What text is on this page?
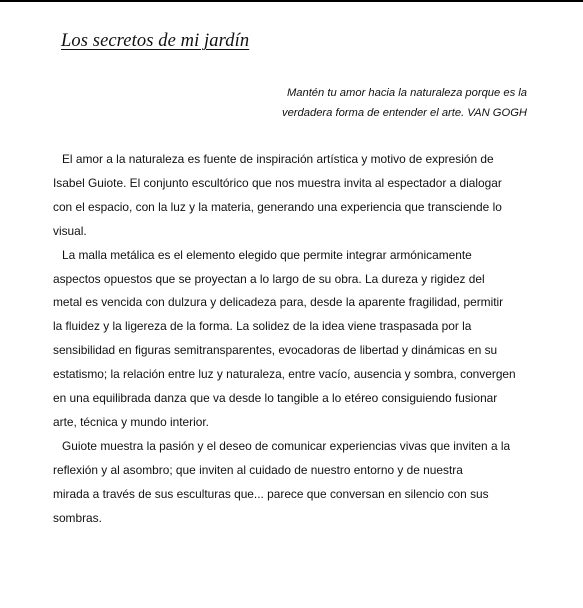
Los secretos de mi jardín
Mantén tu amor hacia la naturaleza porque es la
verdadera forma de entender el arte. VAN GOGH
El amor a la naturaleza es fuente de inspiración artística y motivo de expresión de
Isabel Guiote. El conjunto escultórico que nos muestra invita al espectador a dialogar
con el espacio, con la luz y la materia, generando una experiencia que transciende lo
visual.
La malla metálica es el elemento elegido que permite integrar armónicamente
aspectos opuestos que se proyectan a lo largo de su obra. La dureza y rigidez del
metal es vencida con dulzura y delicadeza para, desde la aparente fragilidad, permitir
la fluidez y la ligereza de la forma. La solidez de la idea viene traspasada por la
sensibilidad en figuras semitransparentes, evocadoras de libertad y dinámicas en su
estatismo; la relación entre luz y naturaleza, entre vacío, ausencia y sombra, convergen
en una equilibrada danza que va desde lo tangible a lo etéreo consiguiendo fusionar
arte, técnica y mundo interior.
Guiote muestra la pasión y el deseo de comunicar experiencias vivas que inviten a la
reflexión y al asombro; que inviten al cuidado de nuestro entorno y de nuestra
mirada a través de sus esculturas que... parece que conversan en silencio con sus
sombras.
